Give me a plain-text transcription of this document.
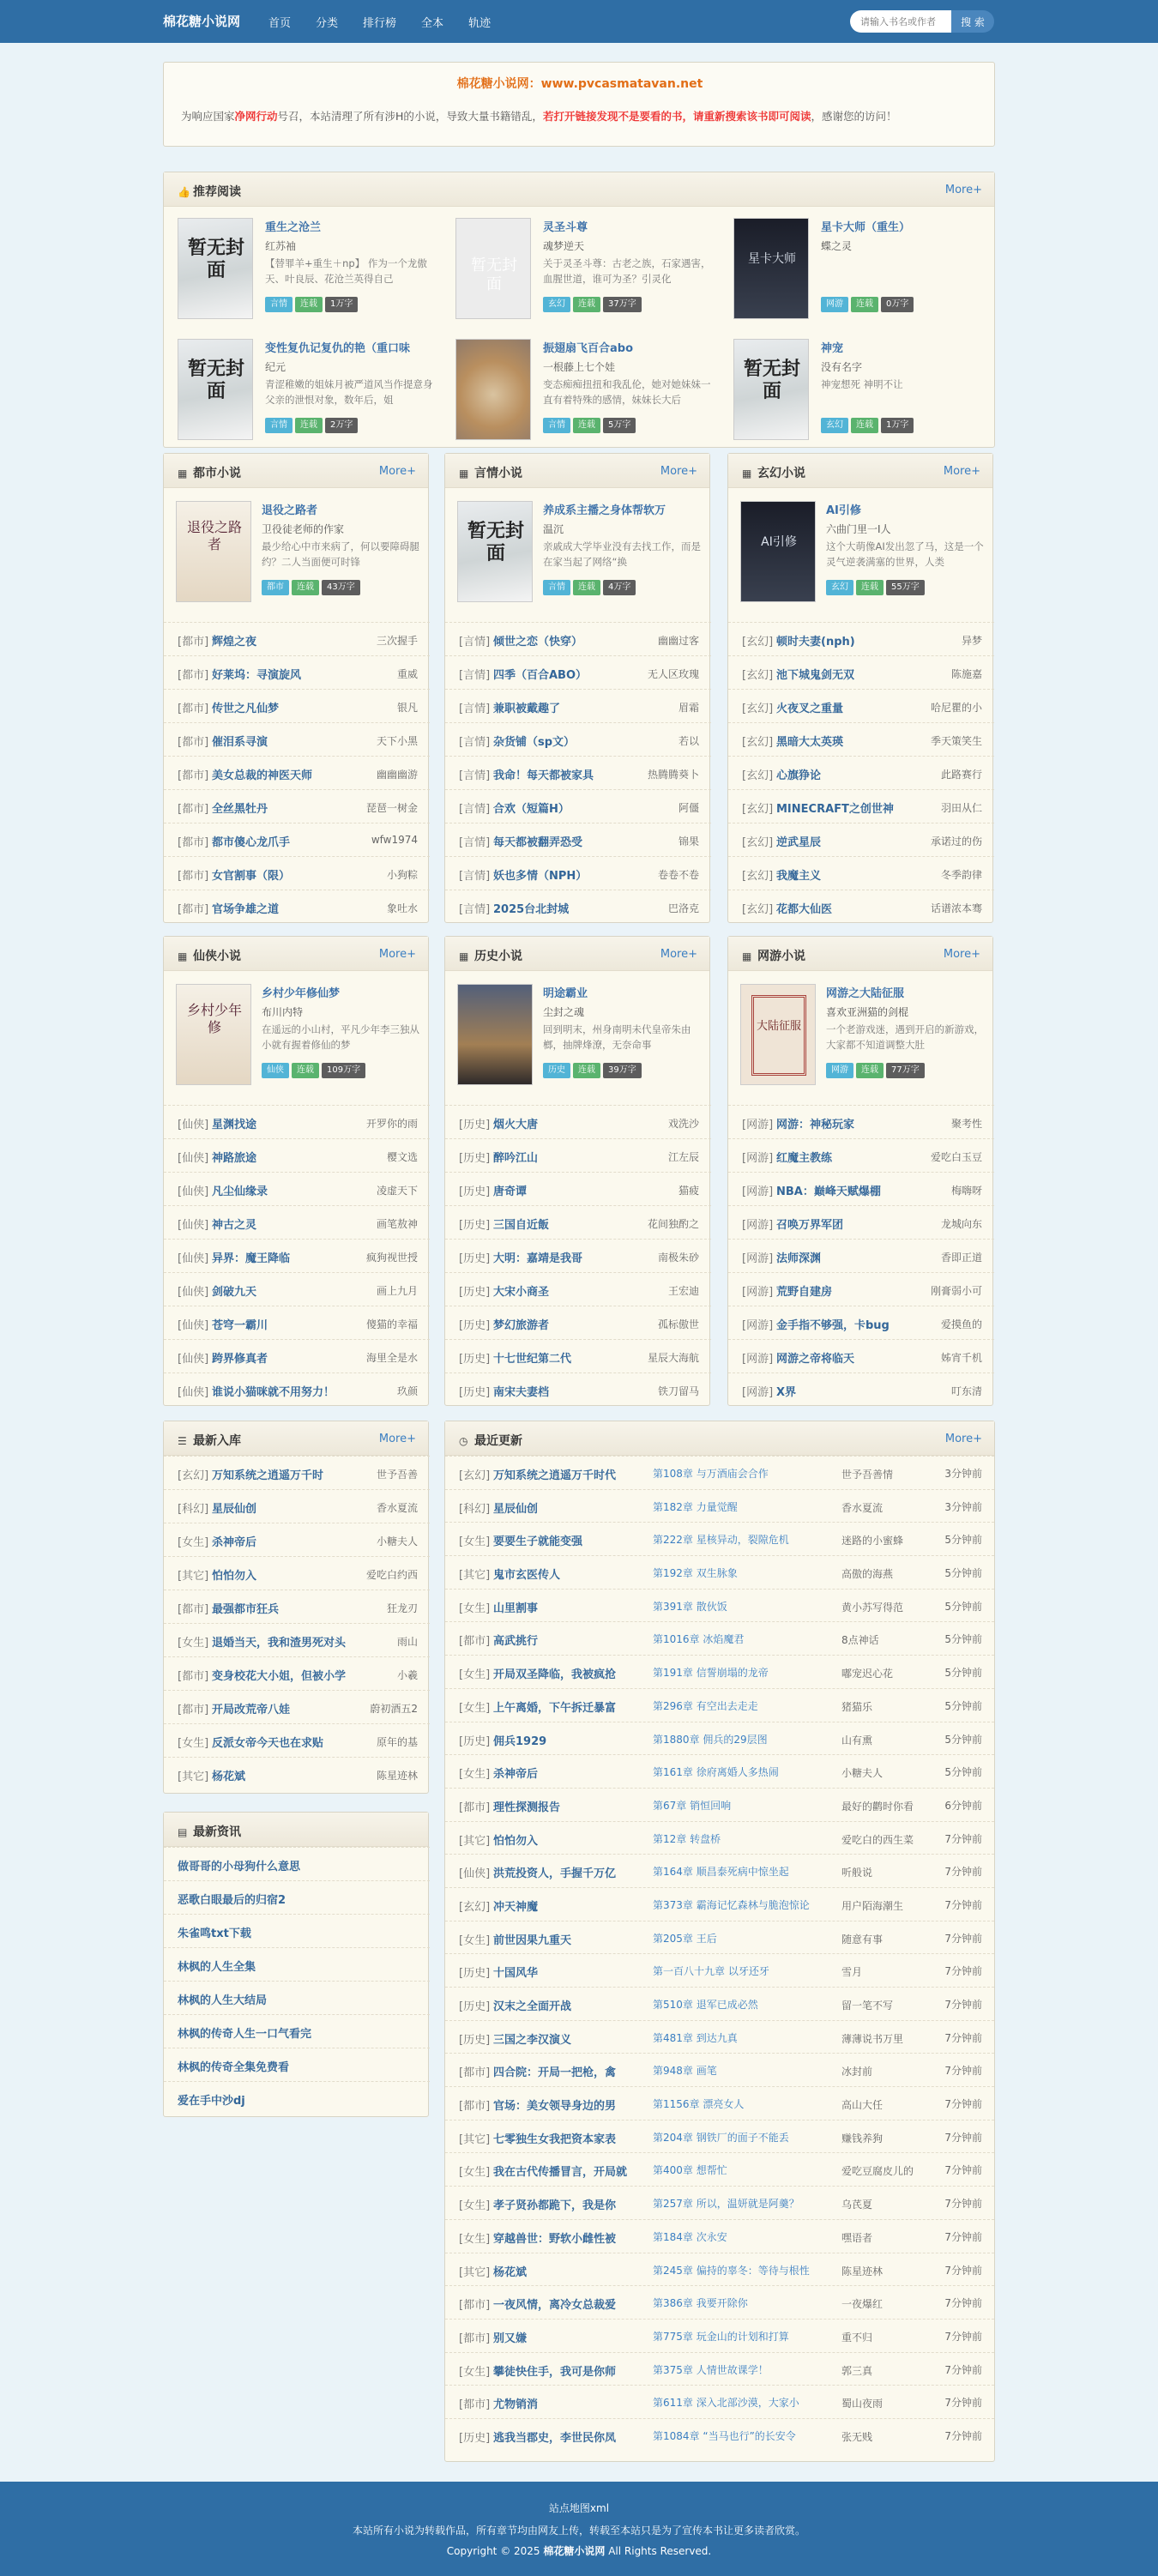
棉花糖小说网	首页 分类 排行榜 全本 轨迹
请输入书名或作者	搜 索
棉花糖小说网：www.pvcasmatavan.net
为响应国家净网行动号召，本站清理了所有涉H的小说，导致大量书籍错乱，若打开链接发现不是要看的书，请重新搜索该书即可阅读，感谢您的访问！
👍 推荐阅读	More+
暂无封面
重生之沧兰
红苏袖
【替罪羊+重生＋np】 作为一个龙傲天、叶良辰、花沧兰英得自己
言情	连载	1万字
暂无封面
灵圣斗尊
魂梦逆天
关于灵圣斗尊：古老之族，石家遇害，血腥世道，谁可为圣？引灵化
玄幻	连载	37万字
星卡大师
星卡大师（重生）
蝶之灵
网游	连载	0万字
暂无封面
变性复仇记复仇的艳（重口味
纪元
青涩稚嫩的姐妹月被严道风当作提意身父亲的泄恨对象，数年后，姐
言情	连载	2万字
振翅扇飞百合abo
一根藤上七个娃
变态痴痴扭扭和我乱伦，她对她妹妹一直有着特殊的感情，妹妹长大后
言情	连载	5万字
暂无封面
神宠
没有名字
神宠想死 神明不让
玄幻	连载	1万字
▦ 都市小说	More+
退役之路者
退役之路者
卫役徒老师的作家
最少给心中市来病了，何以要障碍腿约？二人当面便可时锋
都市	连载	43万字
[都市] 辉煌之夜	三次握手
[都市] 好莱坞：寻演旋风	重威
[都市] 传世之凡仙梦	银凡
[都市] 催泪系寻演	天下小黑
[都市] 美女总裁的神医天师	幽幽幽游
[都市] 全丝黑牡丹	琵琶一树金
[都市] 都市傻心龙爪手	wfw1974
[都市] 女官割事（限）	小狗粽
[都市] 官场争雄之道	象吐水
▦ 言情小说	More+
暂无封面
养成系主播之身体帮软万
温沉
亲戚成大学毕业没有去找工作，而是在家当起了网络“换
言情	连载	4万字
[言情] 倾世之恋（快穿）	幽幽过客
[言情] 四季（百合ABO）	无人区玫瑰
[言情] 兼职被戴趣了	眉霜
[言情] 杂货铺（sp文）	若以
[言情] 我命！每天都被家具	热腾腾葵卜
[言情] 合欢（短篇H）	阿僵
[言情] 每天都被翻弄恐受	锦果
[言情] 妖也多情（NPH）	卷卷不卷
[言情] 2025台北封城	巴洛克
▦ 玄幻小说	More+
AI引修
AI引修
六曲门里一I人
这个大萌像AI发出忽了马，这是一个灵气逆袭满塞的世界，人类
玄幻	连载	55万字
[玄幻] 顿时夫妻(nph)	异梦
[玄幻] 池下城鬼剑无双	陈施嘉
[玄幻] 火夜叉之重量	哈尼瞿的小
[玄幻] 黑暗大太英瑛	季天策笑生
[玄幻] 心旗狰论	此路赛行
[玄幻] MINECRAFT之创世神	羽田从仁
[玄幻] 逆武星辰	承诺过的伤
[玄幻] 我魔主义	冬季韵律
[玄幻] 花都大仙医	话谱浓本骞
▦ 仙侠小说	More+
乡村少年修
乡村少年修仙梦
布川内特
在遥远的小山村，平凡少年李三独从小就有握着修仙的梦
仙侠	连载	109万字
[仙侠] 星渊找途	开罗你的雨
[仙侠] 神路旅途	樱文选
[仙侠] 凡尘仙缘录	凌虚天下
[仙侠] 神古之灵	画笔敖神
[仙侠] 异界：魔王降临	疯狗视世授
[仙侠] 剑破九天	画上九月
[仙侠] 苍穹一霸川	傻猫的幸福
[仙侠] 跨界修真者	海里全是水
[仙侠] 谁说小猫咪就不用努力！	玖颜
▦ 历史小说	More+
明途霸业
尘封之魂
回到明末，州身南明未代皇帝朱由榔，抽牌烽潦，无奈命事
历史	连载	39万字
[历史] 烟火大唐	戏洗沙
[历史] 醉吟江山	江左辰
[历史] 唐奇谭	猫疲
[历史] 三国自近飯	花间独酌之
[历史] 大明：嘉靖是我哥	南极朱砂
[历史] 大宋小商圣	王宏迪
[历史] 梦幻旅游者	孤标傲世
[历史] 十七世纪第二代	星辰大海航
[历史] 南宋夫妻档	铁刀留马
▦ 网游小说	More+
大陆征服
网游之大陆征服
喜欢亚洲猫的剑棍
一个老游戏迷，遇到开启的新游戏，大家都不知道调整大肚
网游	连载	77万字
[网游] 网游：神秘玩家	聚考性
[网游] 红魔主教练	爱吃白玉豆
[网游] NBA：巅峰天赋爆棚	梅嗨呀
[网游] 召唤万界军团	龙城向东
[网游] 法师深渊	香即正道
[网游] 荒野自建房	刚膏弱小可
[网游] 金手指不够强，卡bug	爱摸鱼的
[网游] 网游之帝将临天	姊宵千机
[网游] X界	叮东清
☰ 最新入库	More+
[玄幻] 万知系统之逍遥万千时	世予吾善
[科幻] 星辰仙创	香水夏流
[女生] 杀神帝后	小糖夫人
[其它] 怕怕勿入	爱吃白约西
[都市] 最强都市狂兵	狂龙刃
[女生] 退婚当天，我和渣男死对头	雨山
[都市] 变身校花大小姐，但被小学	小羲
[都市] 开局改荒帝八娃	蔚初酒五2
[女生] 反派女帝今天也在求贴	原年的基
[其它] 杨花斌	陈星迹林
▤ 最新资讯
做哥哥的小母狗什么意思
恶歌白眼最后的归宿2
朱雀鸣txt下载
林枫的人生全集
林枫的人生大结局
林枫的传奇人生一口气看完
林枫的传奇全集免费看
爱在手中沙dj
◷ 最近更新	More+
[玄幻] 万知系统之逍遥万千时代	第108章 与万酒庙会合作	世予吾善情	3分钟前
[科幻] 星辰仙创	第182章 力量觉醒	香水夏流	3分钟前
[女生] 要要生子就能变强	第222章 星核异动，裂隙危机	迷路的小蜜蜂	5分钟前
[其它] 鬼市玄医传人	第192章 双生脉象	高傲的海燕	5分钟前
[女生] 山里割事	第391章 散伙饭	黄小苏写得范	5分钟前
[都市] 高武挑行	第1016章 冰焰魔君	8点神话	5分钟前
[女生] 开局双圣降临，我被疯抢	第191章 信誓崩塌的龙帝	嘟宠迟心花	5分钟前
[女生] 上午离婚，下午拆迁暴富	第296章 有空出去走走	猪猫乐	5分钟前
[历史] 佣兵1929	第1880章 佣兵的29层图	山有熏	5分钟前
[女生] 杀神帝后	第161章 徐府离婚人多热闹	小糖夫人	5分钟前
[都市] 理性探测报告	第67章 销恒回响	最好的鹳时你看	6分钟前
[其它] 怕怕勿入	第12章 转盘桥	爱吃白的西生菜	7分钟前
[仙侠] 洪荒投资人，手握千万亿	第164章 顺昌泰死病中惊坐起	听般说	7分钟前
[玄幻] 冲天神魔	第373章 霸海记忆森林与脆泡惊论	用户陌海潮生	7分钟前
[女生] 前世因果九重天	第205章 王后	随意有事	7分钟前
[历史] 十国风华	第一百八十九章 以牙还牙	雪月	7分钟前
[历史] 汉末之全面开战	第510章 退军已成必然	留一笔不写	7分钟前
[历史] 三国之李汉演义	第481章 到达九真	薄薄说书万里	7分钟前
[都市] 四合院：开局一把枪，禽	第948章 画笔	冰封前	7分钟前
[都市] 官场：美女领导身边的男	第1156章 漂亮女人	高山大任	7分钟前
[其它] 七零独生女我把资本家表	第204章 钢铁厂的面子不能丢	赚钱养狗	7分钟前
[女生] 我在古代传播冒言，开局就	第400章 想帮忙	爱吃豆腐皮儿的	7分钟前
[女生] 孝子贤孙都跪下，我是你	第257章 所以，温妍就是阿羹？	乌芪夏	7分钟前
[女生] 穿越兽世：野软小雌性被	第184章 次永安	嘿语者	7分钟前
[其它] 杨花斌	第245章 偏持的辜冬：等待与根性	陈星迹林	7分钟前
[都市] 一夜风情，离冷女总裁爱	第386章 我要开除你	一夜爆红	7分钟前
[都市] 别又嫌	第775章 玩金山的计划和打算	重不归	7分钟前
[女生] 攀徒快住手，我可是你师	第375章 人情世故课学！	郭三真	7分钟前
[都市] 尤物销消	第611章 深入北部沙漠，大家小	蜀山夜雨	7分钟前
[历史] 逃我当郡史，李世民你凤	第1084章 “当马也行”的长安令	张无贱	7分钟前
站点地图xml
本站所有小说为转载作品，所有章节均由网友上传，转载至本站只是为了宣传本书让更多读者欣赏。
Copyright © 2025 棉花糖小说网 All Rights Reserved.
